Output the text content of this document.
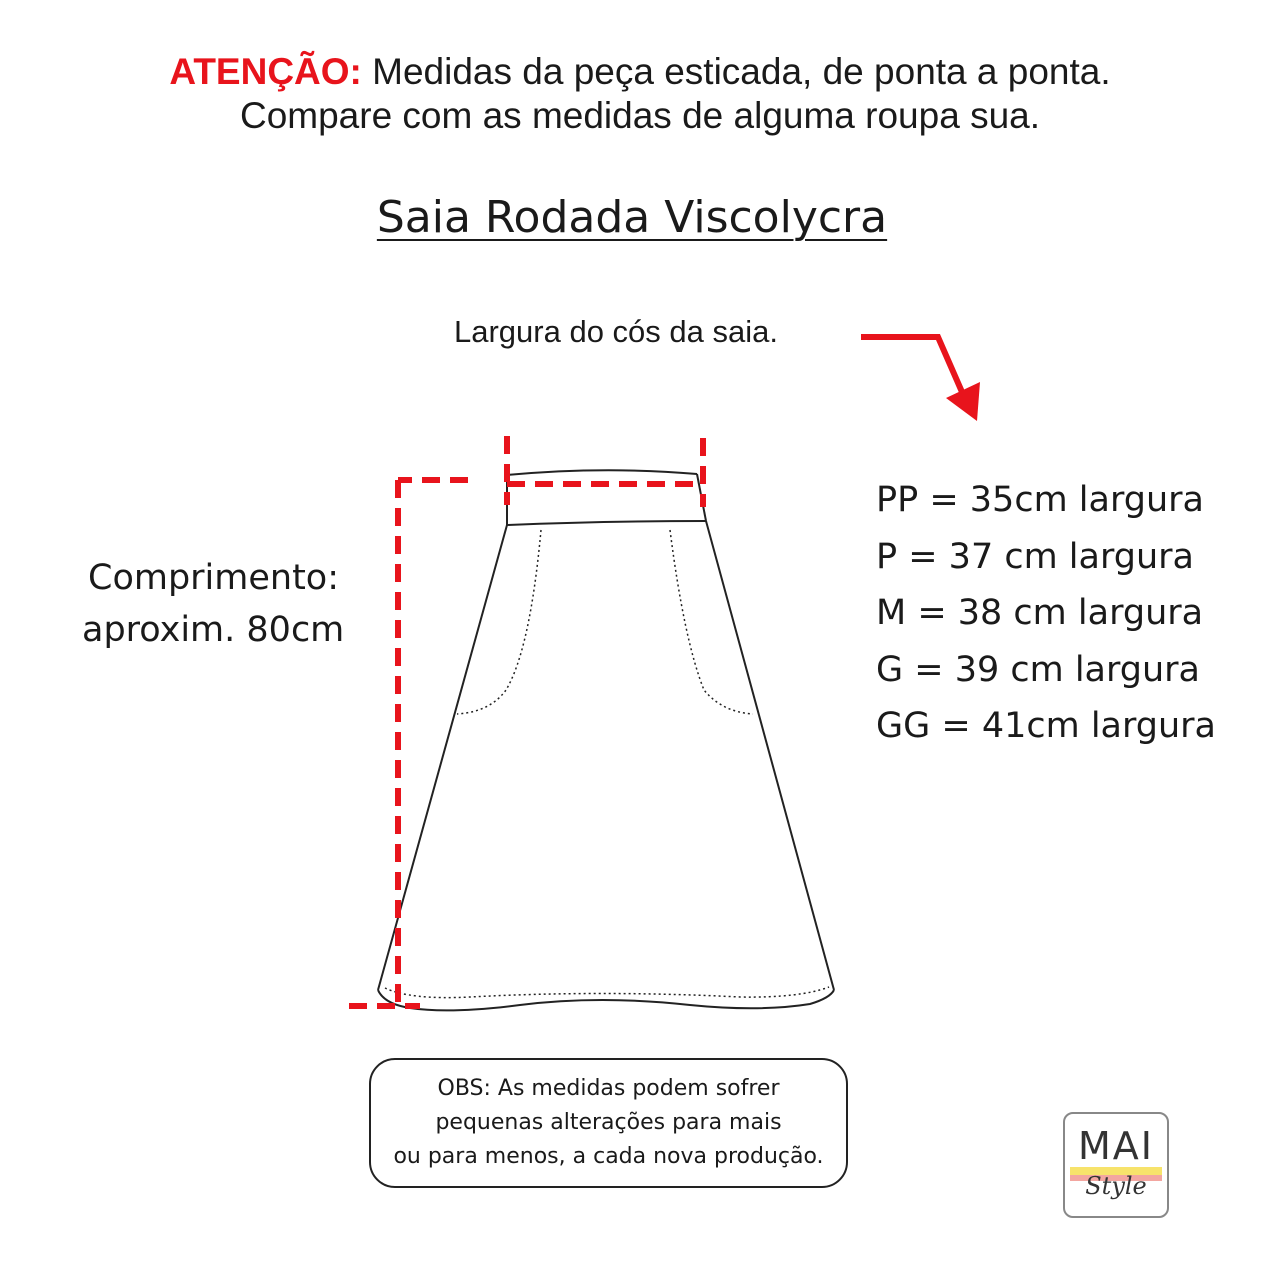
ATENÇÃO: Medidas da peça esticada, de ponta a ponta.
Compare com as medidas de alguma roupa sua.
Saia Rodada Viscolycra
Largura do cós da saia.
Comprimento:
aproxim. 80cm
PP = 35cm largura
P = 37 cm largura
M = 38 cm largura
G = 39 cm largura
GG = 41cm largura
OBS: As medidas podem sofrer
pequenas alterações para mais
ou para menos, a cada nova produção.	MAI
Style
